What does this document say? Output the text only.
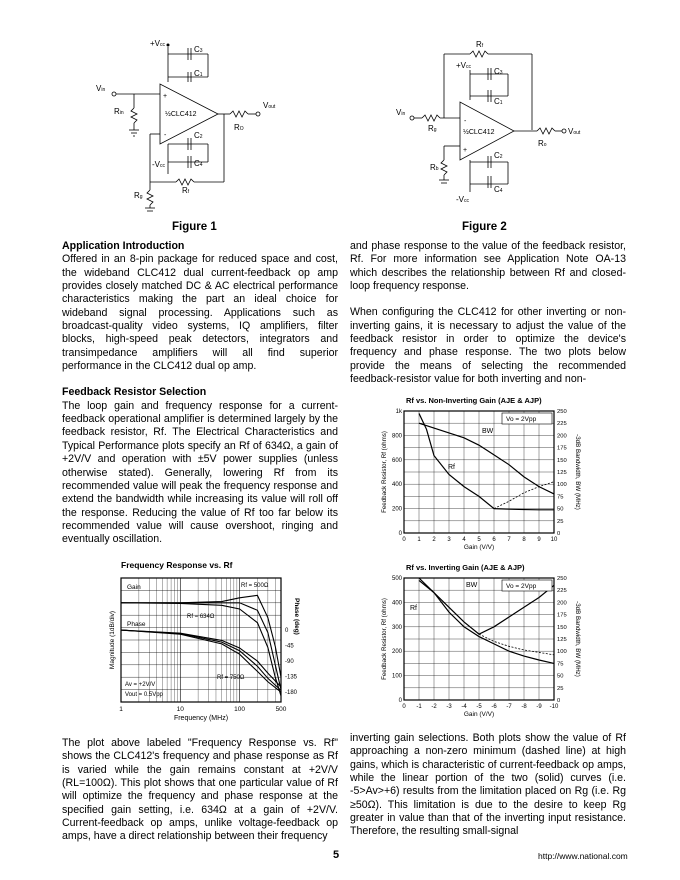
+Vcc	C3
C1
Vin
Rin	½CLC412
+
-
Vout
RO
C2
C4
-Vcc
Rf
Rg
Figure 1
Rf
+Vcc	C3
C1
Vin
Rg	½CLC412
-
+
Vout
Ro
C2
Rb
C4
-Vcc
Figure 2
Application Introduction

Offered in an 8-pin package for reduced space and cost, the wideband CLC412 dual current-feedback op amp provides closely matched DC & AC electrical performance characteristics making the part an ideal choice for wideband signal processing. Applications such as broadcast-quality video systems, IQ amplifiers, filter blocks, high-speed peak detectors, integrators and transimpedance amplifiers will all find superior performance in the CLC412 dual op amp.

Feedback Resistor Selection

The loop gain and frequency response for a current-feedback operational amplifier is determined largely by the feedback resistor, Rf. The Electrical Characteristics and Typical Performance plots specify an Rf of 634Ω, a gain of +2V/V and operation with ±5V power supplies (unless otherwise stated). Generally, lowering Rf from its recommended value will peak the frequency response and extend the bandwidth while increasing its value will roll off the response. Reducing the value of Rf too far below its recommended value will cause overshoot, ringing and eventually oscillation.

Frequency Response vs. Rf
1	10	100	500
0
-45
-90
-135
-180
Frequency (MHz)
Magnitude (1dB/div)	Phase (deg)
Gain
Phase
Rf = 500Ω
Rf = 634Ω
Rf = 750Ω
Av = +2V/V
Vout = 0.5Vpp

The plot above labeled "Frequency Response vs. Rf" shows the CLC412's frequency and phase response as Rf is varied while the gain remains constant at +2V/V (RL=100Ω). This plot shows that one particular value of Rf will optimize the frequency and phase response at the specified gain setting, i.e. 634Ω at a gain of +2V/V. Current-feedback op amps, unlike voltage-feedback op amps, have a direct relationship between their frequency

and phase response to the value of the feedback resistor, Rf. For more information see Application Note OA-13 which describes the relationship between Rf and closed-loop frequency response.

When configuring the CLC412 for other inverting or non-inverting gains, it is necessary to adjust the value of the feedback resistor in order to optimize the device's frequency and phase response. The two plots below provide the means of selecting the recommended feedback-resistor value for both inverting and non-

Rf vs. Non-Inverting Gain (AJE & AJP)
0 1 2 3 4 5 6 7 8 9 10
1k
800
600
400
200
0
250
225
200
175
150
125
100
75
50
25
0
Gain (V/V)
Feedback Resistor, Rf (ohms)	-3dB Bandwidth, BW (MHz)
Vo = 2Vpp
BW
Rf
Rf vs. Inverting Gain (AJE & AJP)
0 -1 -2 -3 -4 -5 -6 -7 -8 -9 -10
0
100
200
300
400
500	250
225
200
175
150
125
100
75
50
25
0
Gain (V/V)
Feedback Resistor, Rf (ohms)	-3dB Bandwidth, BW (MHz)
Vo = 2Vpp
BW
Rf

inverting gain selections. Both plots show the value of Rf approaching a non-zero minimum (dashed line) at high gains, which is characteristic of current-feedback op amps, while the linear portion of the two (solid) curves (i.e. -5>Av>+6) results from the limitation placed on Rg (i.e. Rg ≥50Ω). This limitation is due to the desire to keep Rg greater in value than that of the inverting input resistance. Therefore, the resulting small-signal

5	http://www.national.com
